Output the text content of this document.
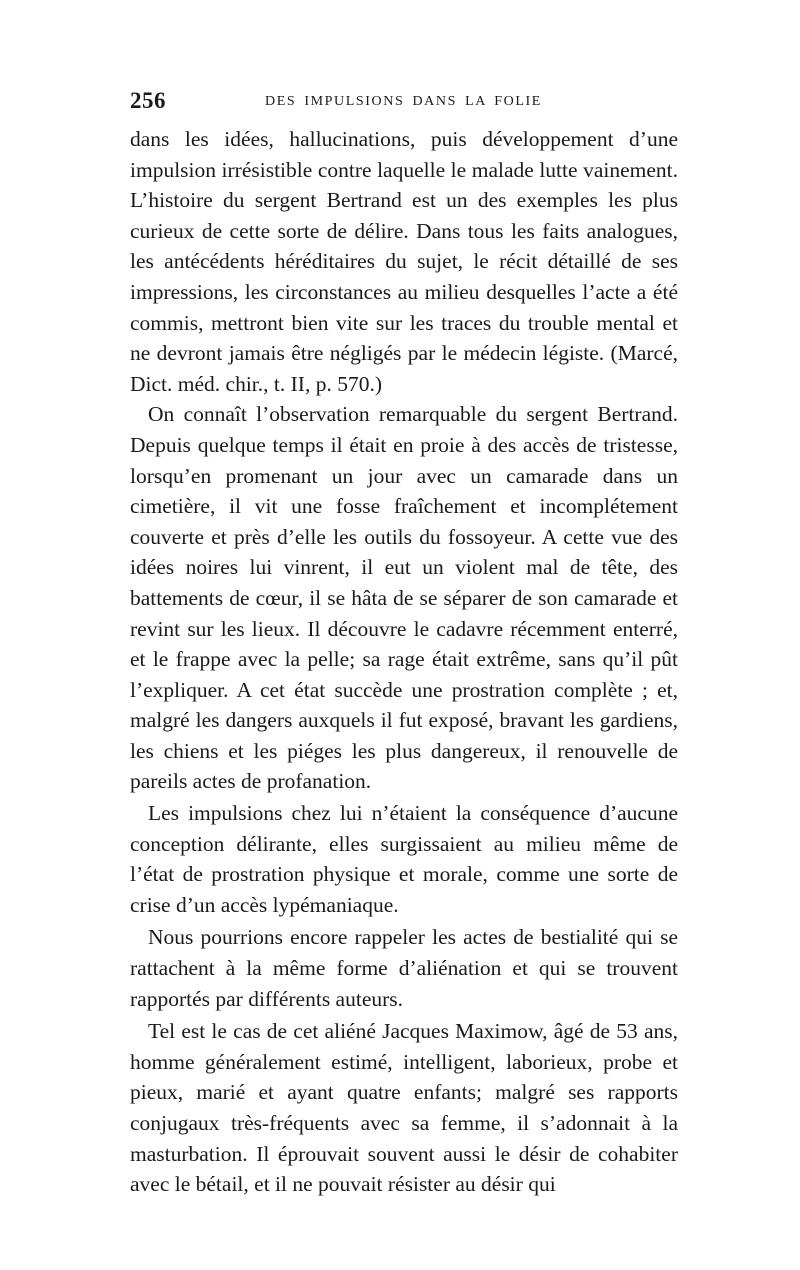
256	DES IMPULSIONS DANS LA FOLIE

dans les idées, hallucinations, puis développement d’une impulsion irrésistible contre laquelle le malade lutte vainement. L’histoire du sergent Bertrand est un des exemples les plus curieux de cette sorte de délire. Dans tous les faits analogues, les antécédents héréditaires du sujet, le récit détaillé de ses impressions, les circonstances au milieu desquelles l’acte a été commis, mettront bien vite sur les traces du trouble mental et ne devront jamais être négligés par le médecin légiste. (Marcé, Dict. méd. chir., t. II, p. 570.)

On connaît l’observation remarquable du sergent Bertrand. Depuis quelque temps il était en proie à des accès de tristesse, lorsqu’en promenant un jour avec un camarade dans un cimetière, il vit une fosse fraîchement et incomplétement couverte et près d’elle les outils du fossoyeur. A cette vue des idées noires lui vinrent, il eut un violent mal de tête, des battements de cœur, il se hâta de se séparer de son camarade et revint sur les lieux. Il découvre le cadavre récemment enterré, et le frappe avec la pelle; sa rage était extrême, sans qu’il pût l’expliquer. A cet état succède une prostration complète ; et, malgré les dangers auxquels il fut exposé, bravant les gardiens, les chiens et les piéges les plus dangereux, il renouvelle de pareils actes de profanation.

Les impulsions chez lui n’étaient la conséquence d’aucune conception délirante, elles surgissaient au milieu même de l’état de prostration physique et morale, comme une sorte de crise d’un accès lypémaniaque.

Nous pourrions encore rappeler les actes de bestialité qui se rattachent à la même forme d’aliénation et qui se trouvent rapportés par différents auteurs.

Tel est le cas de cet aliéné Jacques Maximow, âgé de 53 ans, homme généralement estimé, intelligent, laborieux, probe et pieux, marié et ayant quatre enfants; malgré ses rapports conjugaux très-fréquents avec sa femme, il s’adonnait à la masturbation. Il éprouvait souvent aussi le désir de cohabiter avec le bétail, et il ne pouvait résister au désir qui
